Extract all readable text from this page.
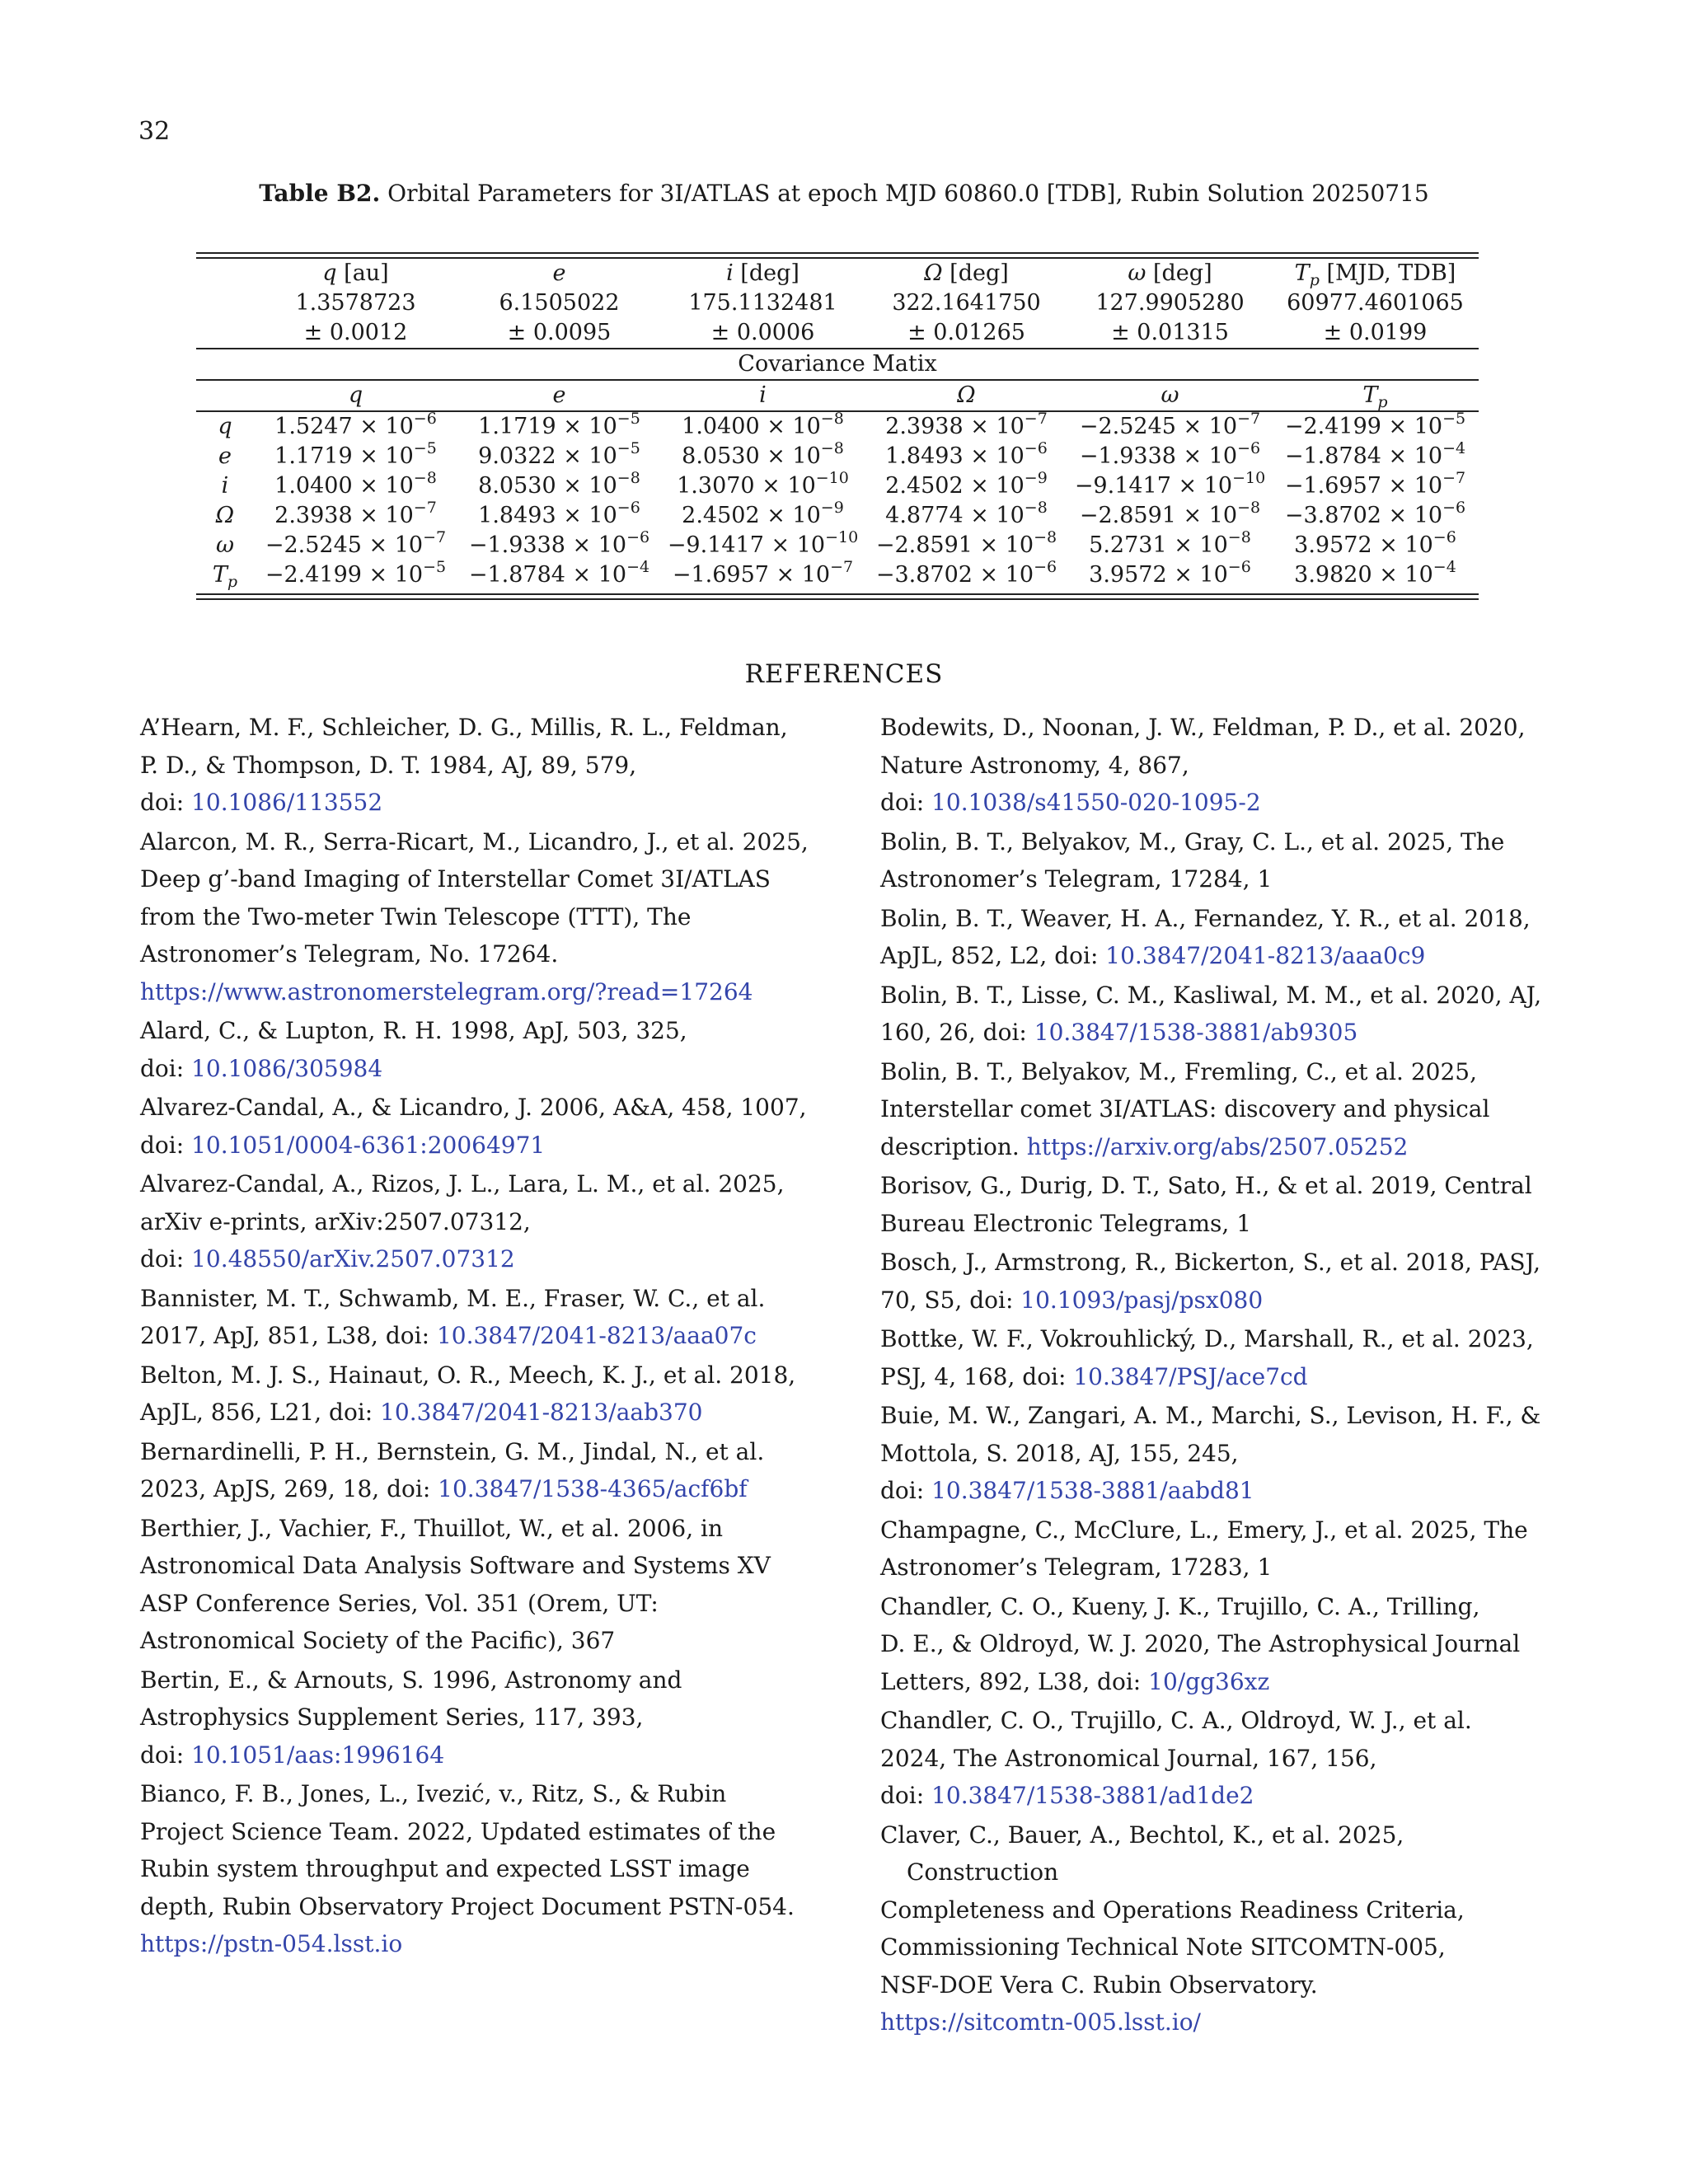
32
Table B2. Orbital Parameters for 3I/ATLAS at epoch MJD 60860.0 [TDB], Rubin Solution 20250715
	q [au]	e	i [deg]	Ω [deg]	ω [deg]	$T_p$ [MJD, TDB]
	1.3578723	6.1505022	175.1132481	322.1641750	127.9905280	60977.4601065
	± 0.0012	± 0.0095	± 0.0006	± 0.01265	± 0.01315	± 0.0199
Covariance Matix
	q	e	i	Ω	ω	$T_p$
q	$1.5247 \times 10^{-6}$	$1.1719 \times 10^{-5}$	$1.0400 \times 10^{-8}$	$2.3938 \times 10^{-7}$	$-2.5245 \times 10^{-7}$	$-2.4199 \times 10^{-5}$
e	$1.1719 \times 10^{-5}$	$9.0322 \times 10^{-5}$	$8.0530 \times 10^{-8}$	$1.8493 \times 10^{-6}$	$-1.9338 \times 10^{-6}$	$-1.8784 \times 10^{-4}$
i	$1.0400 \times 10^{-8}$	$8.0530 \times 10^{-8}$	$1.3070 \times 10^{-10}$	$2.4502 \times 10^{-9}$	$-9.1417 \times 10^{-10}$	$-1.6957 \times 10^{-7}$
Ω	$2.3938 \times 10^{-7}$	$1.8493 \times 10^{-6}$	$2.4502 \times 10^{-9}$	$4.8774 \times 10^{-8}$	$-2.8591 \times 10^{-8}$	$-3.8702 \times 10^{-6}$
ω	$-2.5245 \times 10^{-7}$	$-1.9338 \times 10^{-6}$	$-9.1417 \times 10^{-10}$	$-2.8591 \times 10^{-8}$	$5.2731 \times 10^{-8}$	$3.9572 \times 10^{-6}$
$T_p$	$-2.4199 \times 10^{-5}$	$-1.8784 \times 10^{-4}$	$-1.6957 \times 10^{-7}$	$-3.8702 \times 10^{-6}$	$3.9572 \times 10^{-6}$	$3.9820 \times 10^{-4}$
REFERENCES
A’Hearn, M. F., Schleicher, D. G., Millis, R. L., Feldman,
P. D., & Thompson, D. T. 1984, AJ, 89, 579,
doi: 10.1086/113552
Alarcon, M. R., Serra-Ricart, M., Licandro, J., et al. 2025,
Deep g’-band Imaging of Interstellar Comet 3I/ATLAS
from the Two-meter Twin Telescope (TTT), The
Astronomer’s Telegram, No. 17264.
https://www.astronomerstelegram.org/?read=17264
Alard, C., & Lupton, R. H. 1998, ApJ, 503, 325,
doi: 10.1086/305984
Alvarez-Candal, A., & Licandro, J. 2006, A&A, 458, 1007,
doi: 10.1051/0004-6361:20064971
Alvarez-Candal, A., Rizos, J. L., Lara, L. M., et al. 2025,
arXiv e-prints, arXiv:2507.07312,
doi: 10.48550/arXiv.2507.07312
Bannister, M. T., Schwamb, M. E., Fraser, W. C., et al.
2017, ApJ, 851, L38, doi: 10.3847/2041-8213/aaa07c
Belton, M. J. S., Hainaut, O. R., Meech, K. J., et al. 2018,
ApJL, 856, L21, doi: 10.3847/2041-8213/aab370
Bernardinelli, P. H., Bernstein, G. M., Jindal, N., et al.
2023, ApJS, 269, 18, doi: 10.3847/1538-4365/acf6bf
Berthier, J., Vachier, F., Thuillot, W., et al. 2006, in
Astronomical Data Analysis Software and Systems XV
ASP Conference Series, Vol. 351 (Orem, UT:
Astronomical Society of the Pacific), 367
Bertin, E., & Arnouts, S. 1996, Astronomy and
Astrophysics Supplement Series, 117, 393,
doi: 10.1051/aas:1996164
Bianco, F. B., Jones, L., Ivezić, v., Ritz, S., & Rubin
Project Science Team. 2022, Updated estimates of the
Rubin system throughput and expected LSST image
depth, Rubin Observatory Project Document PSTN-054.
https://pstn-054.lsst.io
Bodewits, D., Noonan, J. W., Feldman, P. D., et al. 2020,
Nature Astronomy, 4, 867,
doi: 10.1038/s41550-020-1095-2
Bolin, B. T., Belyakov, M., Gray, C. L., et al. 2025, The
Astronomer’s Telegram, 17284, 1
Bolin, B. T., Weaver, H. A., Fernandez, Y. R., et al. 2018,
ApJL, 852, L2, doi: 10.3847/2041-8213/aaa0c9
Bolin, B. T., Lisse, C. M., Kasliwal, M. M., et al. 2020, AJ,
160, 26, doi: 10.3847/1538-3881/ab9305
Bolin, B. T., Belyakov, M., Fremling, C., et al. 2025,
Interstellar comet 3I/ATLAS: discovery and physical
description. https://arxiv.org/abs/2507.05252
Borisov, G., Durig, D. T., Sato, H., & et al. 2019, Central
Bureau Electronic Telegrams, 1
Bosch, J., Armstrong, R., Bickerton, S., et al. 2018, PASJ,
70, S5, doi: 10.1093/pasj/psx080
Bottke, W. F., Vokrouhlický, D., Marshall, R., et al. 2023,
PSJ, 4, 168, doi: 10.3847/PSJ/ace7cd
Buie, M. W., Zangari, A. M., Marchi, S., Levison, H. F., &
Mottola, S. 2018, AJ, 155, 245,
doi: 10.3847/1538-3881/aabd81
Champagne, C., McClure, L., Emery, J., et al. 2025, The
Astronomer’s Telegram, 17283, 1
Chandler, C. O., Kueny, J. K., Trujillo, C. A., Trilling,
D. E., & Oldroyd, W. J. 2020, The Astrophysical Journal
Letters, 892, L38, doi: 10/gg36xz
Chandler, C. O., Trujillo, C. A., Oldroyd, W. J., et al.
2024, The Astronomical Journal, 167, 156,
doi: 10.3847/1538-3881/ad1de2
Claver, C., Bauer, A., Bechtol, K., et al. 2025, Construction
Completeness and Operations Readiness Criteria,
Commissioning Technical Note SITCOMTN-005,
NSF-DOE Vera C. Rubin Observatory.
https://sitcomtn-005.lsst.io/
